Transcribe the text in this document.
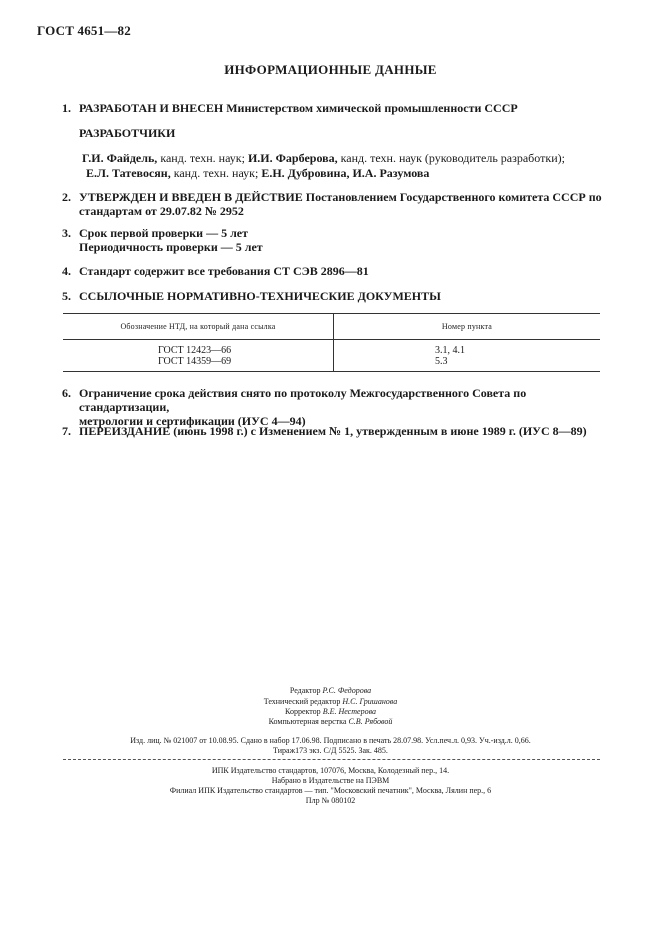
ГОСТ 4651—82
ИНФОРМАЦИОННЫЕ ДАННЫЕ
1. РАЗРАБОТАН И ВНЕСЕН Министерством химической промышленности СССР
РАЗРАБОТЧИКИ
Г.И. Файдель, канд. техн. наук; И.И. Фарберова, канд. техн. наук (руководитель разработки);
Е.Л. Татевосян, канд. техн. наук; Е.Н. Дубровина, И.А. Разумова
2. УТВЕРЖДЕН И ВВЕДЕН В ДЕЙСТВИЕ Постановлением Государственного комитета СССР по
стандартам от 29.07.82 № 2952
3. Срок первой проверки — 5 лет
Периодичность проверки — 5 лет
4. Стандарт содержит все требования СТ СЭВ 2896—81
5. ССЫЛОЧНЫЕ НОРМАТИВНО-ТЕХНИЧЕСКИЕ ДОКУМЕНТЫ
Обозначение НТД, на который дана ссылка	Номер пункта
ГОСТ 12423—66	3.1, 4.1
ГОСТ 14359—69	5.3
6. Ограничение срока действия снято по протоколу Межгосударственного Совета по стандартизации,
метрологии и сертификации (ИУС 4—94)
7. ПЕРЕИЗДАНИЕ (июнь 1998 г.) с Изменением № 1, утвержденным в июне 1989 г. (ИУС 8—89)
Редактор Р.С. Федорова
Технический редактор Н.С. Гришанова
Корректор В.Е. Нестерова
Компьютерная верстка С.В. Рябовой
Изд. лиц. № 021007 от 10.08.95. Сдано в набор 17.06.98. Подписано в печать 28.07.98. Усл.печ.л. 0,93. Уч.-изд.л. 0,66.
Тираж173 экз. С/Д 5525. Зак. 485.
ИПК Издательство стандартов, 107076, Москва, Колодезный пер., 14.
Набрано в Издательстве на ПЭВМ
Филиал ИПК Издательство стандартов — тип. "Московский печатник", Москва, Лялин пер., 6
Плр № 080102
